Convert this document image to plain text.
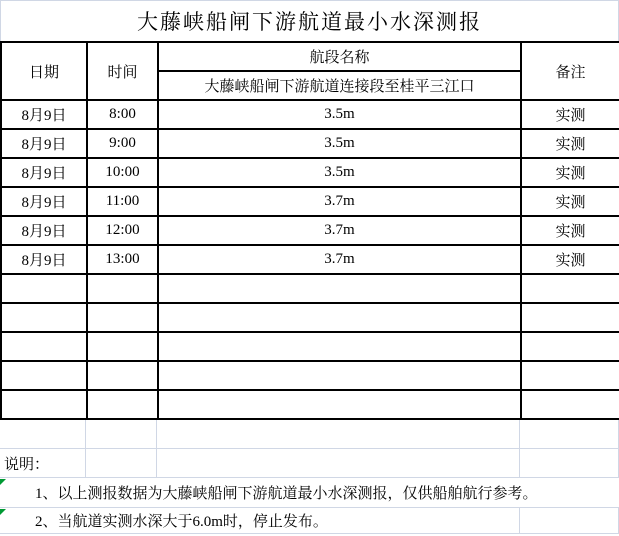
大藤峡船闸下游航道最小水深测报
日期	时间	航段名称	备注
		大藤峡船闸下游航道连接段至桂平三江口	
8月9日	8:00	3.5m	实测
8月9日	9:00	3.5m	实测
8月9日	10:00	3.5m	实测
8月9日	11:00	3.7m	实测
8月9日	12:00	3.7m	实测
8月9日	13:00	3.7m	实测

说明：
1、以上测报数据为大藤峡船闸下游航道最小水深测报，仅供船舶航行参考。
2、当航道实测水深大于6.0m时，停止发布。
